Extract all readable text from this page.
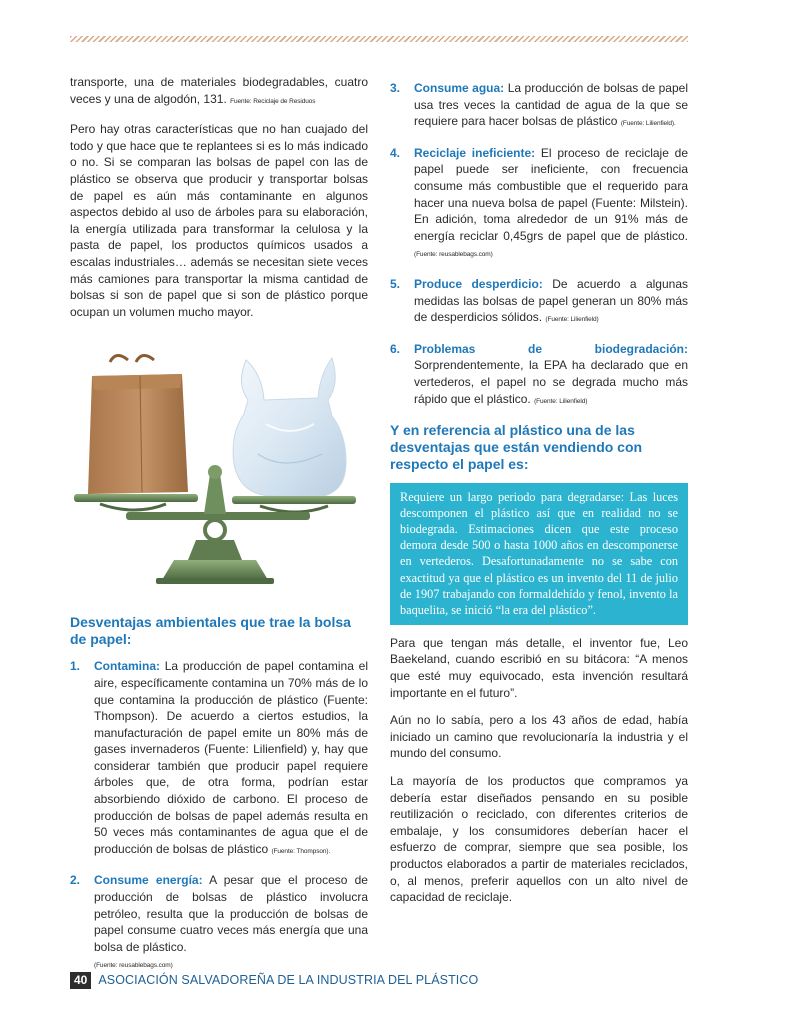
transporte, una de materiales biodegradables, cuatro veces y una de algodón, 131. Fuente: Reciclaje de Residuos

Pero hay otras características que no han cuajado del todo y que hace que te replantees si es lo más indicado o no. Si se comparan las bolsas de papel con las de plástico se observa que producir y transportar bolsas de papel es aún más contaminante en algunos aspectos debido al uso de árboles para su elaboración, la energía utilizada para transformar la celulosa y la pasta de papel, los productos químicos usados a escalas industriales… además se necesitan siete veces más camiones para transportar la misma cantidad de bolsas si son de papel que si son de plástico porque ocupan un volumen mucho mayor.

Desventajas ambientales que trae la bolsa de papel:
1. Contamina: La producción de papel contamina el aire, específicamente contamina un 70% más de lo que contamina la producción de plástico (Fuente: Thompson). De acuerdo a ciertos estudios, la manufacturación de papel emite un 80% más de gases invernaderos (Fuente: Lilienfield) y, hay que considerar también que producir papel requiere árboles que, de otra forma, podrían estar absorbiendo dióxido de carbono. El proceso de producción de bolsas de papel además resulta en 50 veces más contaminantes de agua que el de producción de bolsas de plástico (Fuente: Thompson).
2. Consume energía: A pesar que el proceso de producción de bolsas de plástico involucra petróleo, resulta que la producción de bolsas de papel consume cuatro veces más energía que una bolsa de plástico.
(Fuente: reusablebags.com)
3. Consume agua: La producción de bolsas de papel usa tres veces la cantidad de agua de la que se requiere para hacer bolsas de plástico (Fuente: Lilienfield).
4. Reciclaje ineficiente: El proceso de reciclaje de papel puede ser ineficiente, con frecuencia consume más combustible que el requerido para hacer una nueva bolsa de papel (Fuente: Milstein). En adición, toma alrededor de un 91% más de energía reciclar 0,45grs de papel que de plástico. (Fuente: reusablebags.com)
5. Produce desperdicio: De acuerdo a algunas medidas las bolsas de papel generan un 80% más de desperdicios sólidos. (Fuente: Lilienfield)
6. Problemas de biodegradación: Sorprendentemente, la EPA ha declarado que en vertederos, el papel no se degrada mucho más rápido que el plástico. (Fuente: Lilienfield)
Y en referencia al plástico una de las desventajas que están vendiendo con respecto el papel es:
Requiere un largo periodo para degradarse: Las luces descomponen el plástico así que en realidad no se biodegrada. Estimaciones dicen que este proceso demora desde 500 o hasta 1000 años en descomponerse en vertederos. Desafortunadamente no se sabe con exactitud ya que el plástico es un invento del 11 de julio de 1907 trabajando con formaldehído y fenol, invento la baquelita, se inició “la era del plástico”.

Para que tengan más detalle, el inventor fue, Leo Baekeland, cuando escribió en su bitácora: “A menos que esté muy equivocado, esta invención resultará importante en el futuro”.

Aún no lo sabía, pero a los 43 años de edad, había iniciado un camino que revolucionaría la industria y el mundo del consumo.

La mayoría de los productos que compramos ya debería estar diseñados pensando en su posible reutilización o reciclado, con diferentes criterios de embalaje, y los consumidores deberían hacer el esfuerzo de comprar, siempre que sea posible, los productos elaborados a partir de materiales reciclados, o, al menos, preferir aquellos con un alto nivel de capacidad de reciclaje.

40 ASOCIACIÓN SALVADOREÑA DE LA INDUSTRIA DEL PLÁSTICO
